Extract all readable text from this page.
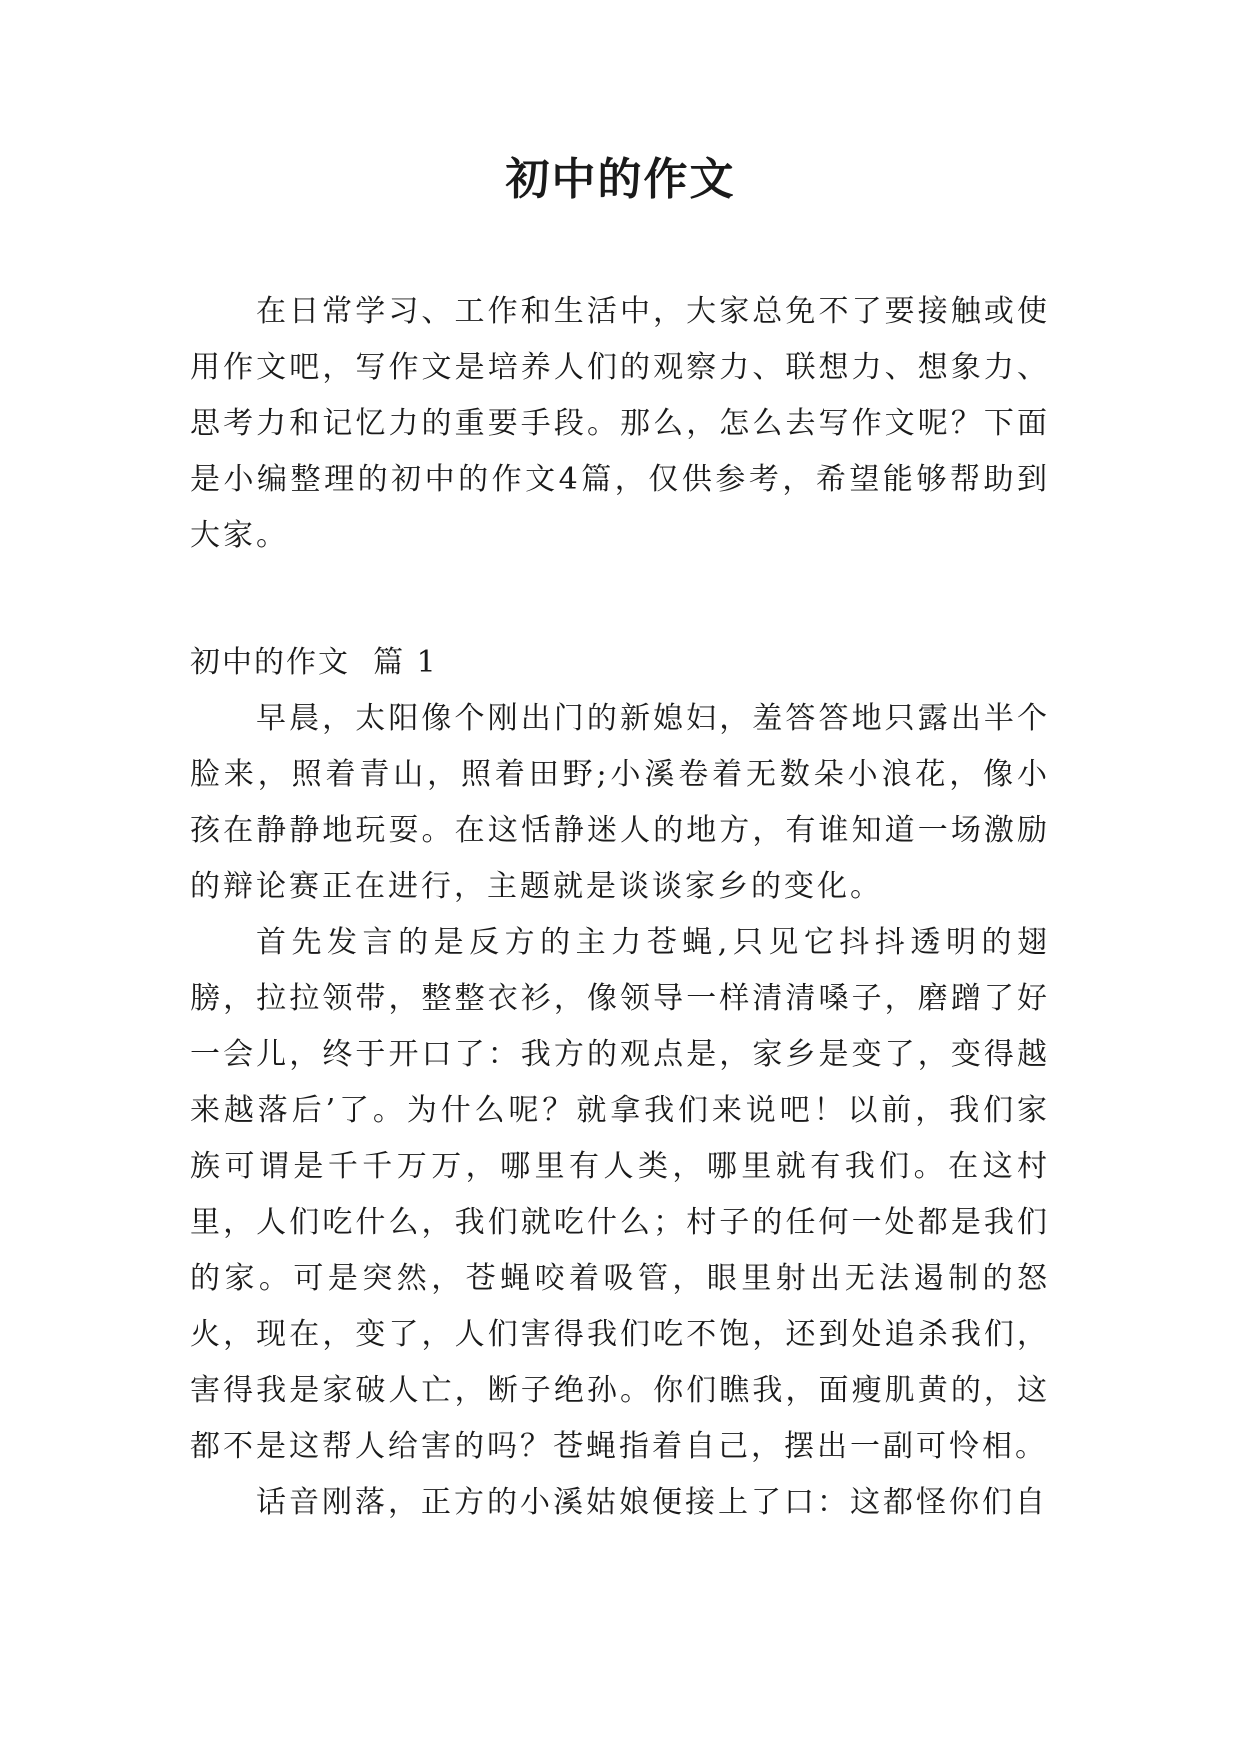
初中的作文

在日常学习、工作和生活中，大家总免不了要接触或使用作文吧，写作文是培养人们的观察力、联想力、想象力、思考力和记忆力的重要手段。那么，怎么去写作文呢？下面是小编整理的初中的作文4篇，仅供参考，希望能够帮助到大家。

初中的作文  篇 1

早晨，太阳像个刚出门的新媳妇，羞答答地只露出半个脸来，照着青山，照着田野;小溪卷着无数朵小浪花，像小孩在静静地玩耍。在这恬静迷人的地方，有谁知道一场激励的辩论赛正在进行，主题就是谈谈家乡的变化。

首先发言的是反方的主力苍蝇,只见它抖抖透明的翅膀，拉拉领带，整整衣衫，像领导一样清清嗓子，磨蹭了好一会儿，终于开口了：我方的观点是，家乡是变了，变得越来越落后’了。为什么呢？就拿我们来说吧！以前，我们家族可谓是千千万万，哪里有人类，哪里就有我们。在这村里，人们吃什么，我们就吃什么；村子的任何一处都是我们的家。可是突然，苍蝇咬着吸管，眼里射出无法遏制的怒火，现在，变了，人们害得我们吃不饱，还到处追杀我们，害得我是家破人亡，断子绝孙。你们瞧我，面瘦肌黄的，这都不是这帮人给害的吗？苍蝇指着自己，摆出一副可怜相。

话音刚落，正方的小溪姑娘便接上了口：这都怪你们自
